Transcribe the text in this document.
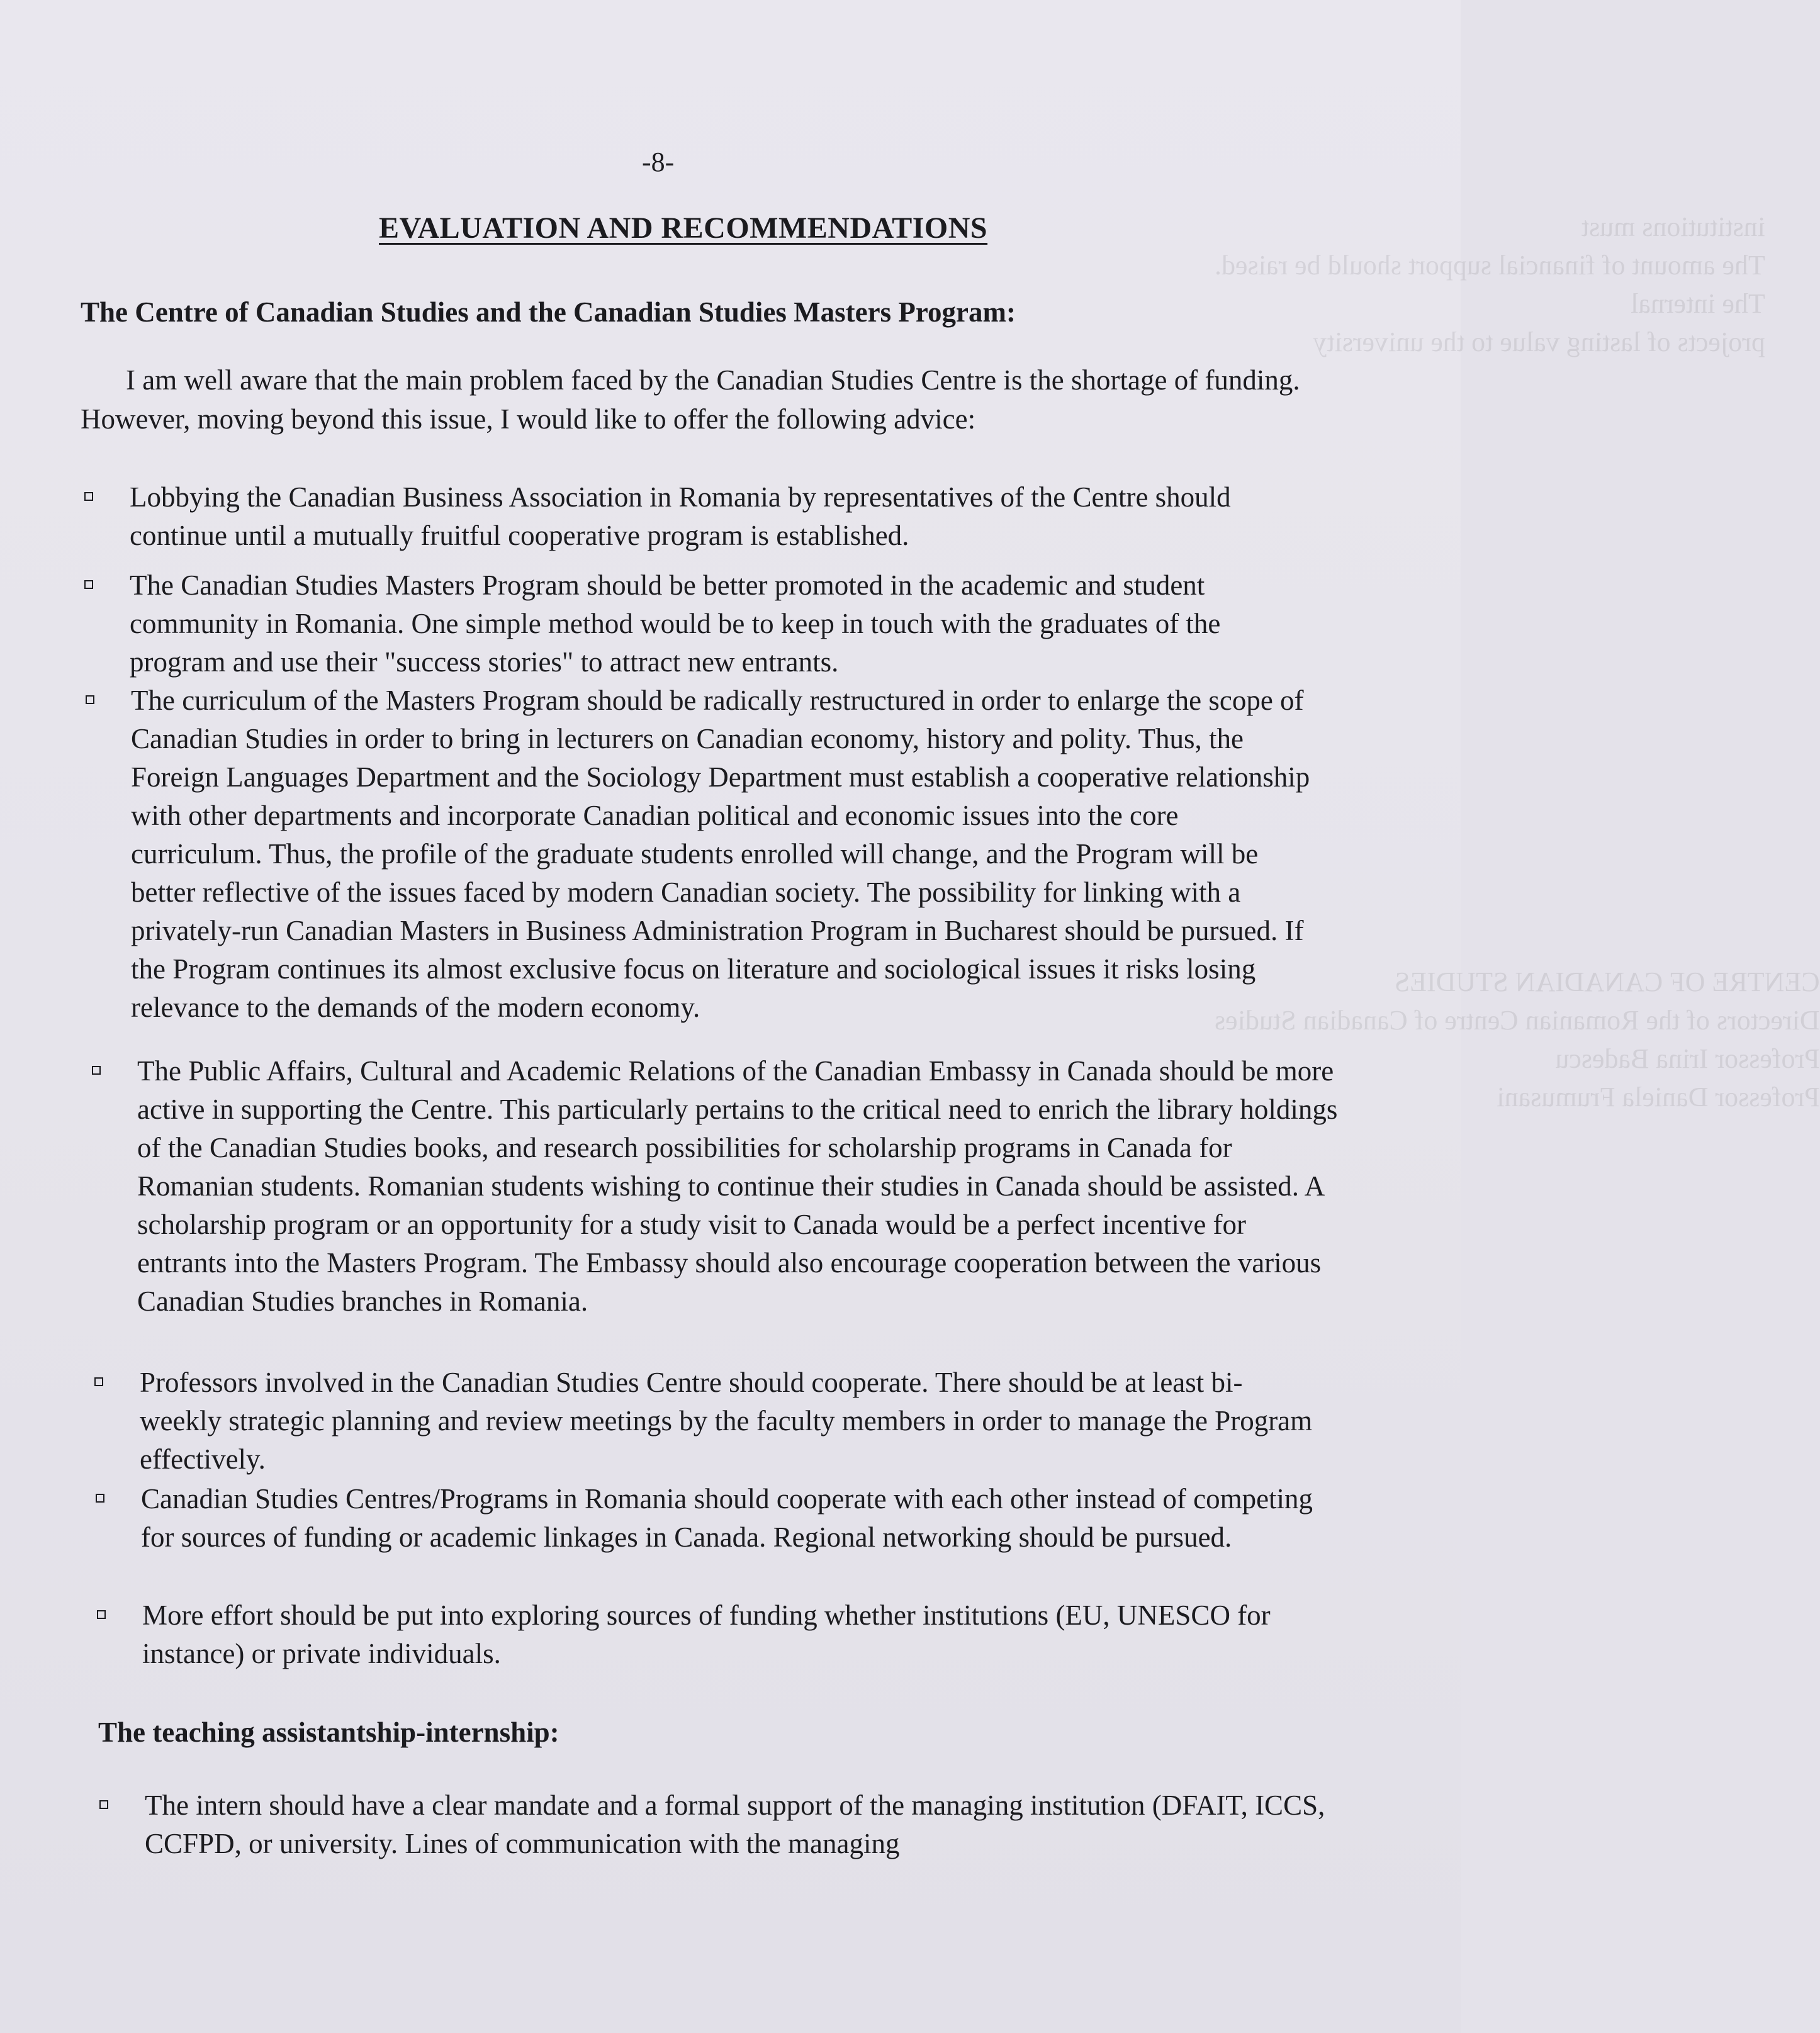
institutions must
The amount of financial support should be raised.
The internal
projects of lasting value to the university
CENTRE OF CANADIAN STUDIES
Directors of the Romanian Centre of Canadian Studies
Professor Irina Badescu
Professor Daniela Frumusani
-8-
EVALUATION AND RECOMMENDATIONS
The Centre of Canadian Studies and the Canadian Studies Masters Program:
I am well aware that the main problem faced by the Canadian Studies Centre is the shortage of funding. However, moving beyond this issue, I would like to offer the following advice:
Lobbying the Canadian Business Association in Romania by representatives of the Centre should continue until a mutually fruitful cooperative program is established.
The Canadian Studies Masters Program should be better promoted in the academic and student community in Romania. One simple method would be to keep in touch with the graduates of the program and use their "success stories" to attract new entrants.
The curriculum of the Masters Program should be radically restructured in order to enlarge the scope of Canadian Studies in order to bring in lecturers on Canadian economy, history and polity. Thus, the Foreign Languages Department and the Sociology Department must establish a cooperative relationship with other departments and incorporate Canadian political and economic issues into the core curriculum. Thus, the profile of the graduate students enrolled will change, and the Program will be better reflective of the issues faced by modern Canadian society. The possibility for linking with a privately-run Canadian Masters in Business Administration Program in Bucharest should be pursued. If the Program continues its almost exclusive focus on literature and sociological issues it risks losing relevance to the demands of the modern economy.
The Public Affairs, Cultural and Academic Relations of the Canadian Embassy in Canada should be more active in supporting the Centre. This particularly pertains to the critical need to enrich the library holdings of the Canadian Studies books, and research possibilities for scholarship programs in Canada for Romanian students. Romanian students wishing to continue their studies in Canada should be assisted. A scholarship program or an opportunity for a study visit to Canada would be a perfect incentive for entrants into the Masters Program. The Embassy should also encourage cooperation between the various Canadian Studies branches in Romania.
Professors involved in the Canadian Studies Centre should cooperate. There should be at least bi-weekly strategic planning and review meetings by the faculty members in order to manage the Program effectively.
Canadian Studies Centres/Programs in Romania should cooperate with each other instead of competing for sources of funding or academic linkages in Canada. Regional networking should be pursued.
More effort should be put into exploring sources of funding whether institutions (EU, UNESCO for instance) or private individuals.
The teaching assistantship-internship:
The intern should have a clear mandate and a formal support of the managing institution (DFAIT, ICCS, CCFPD, or university. Lines of communication with the managing
